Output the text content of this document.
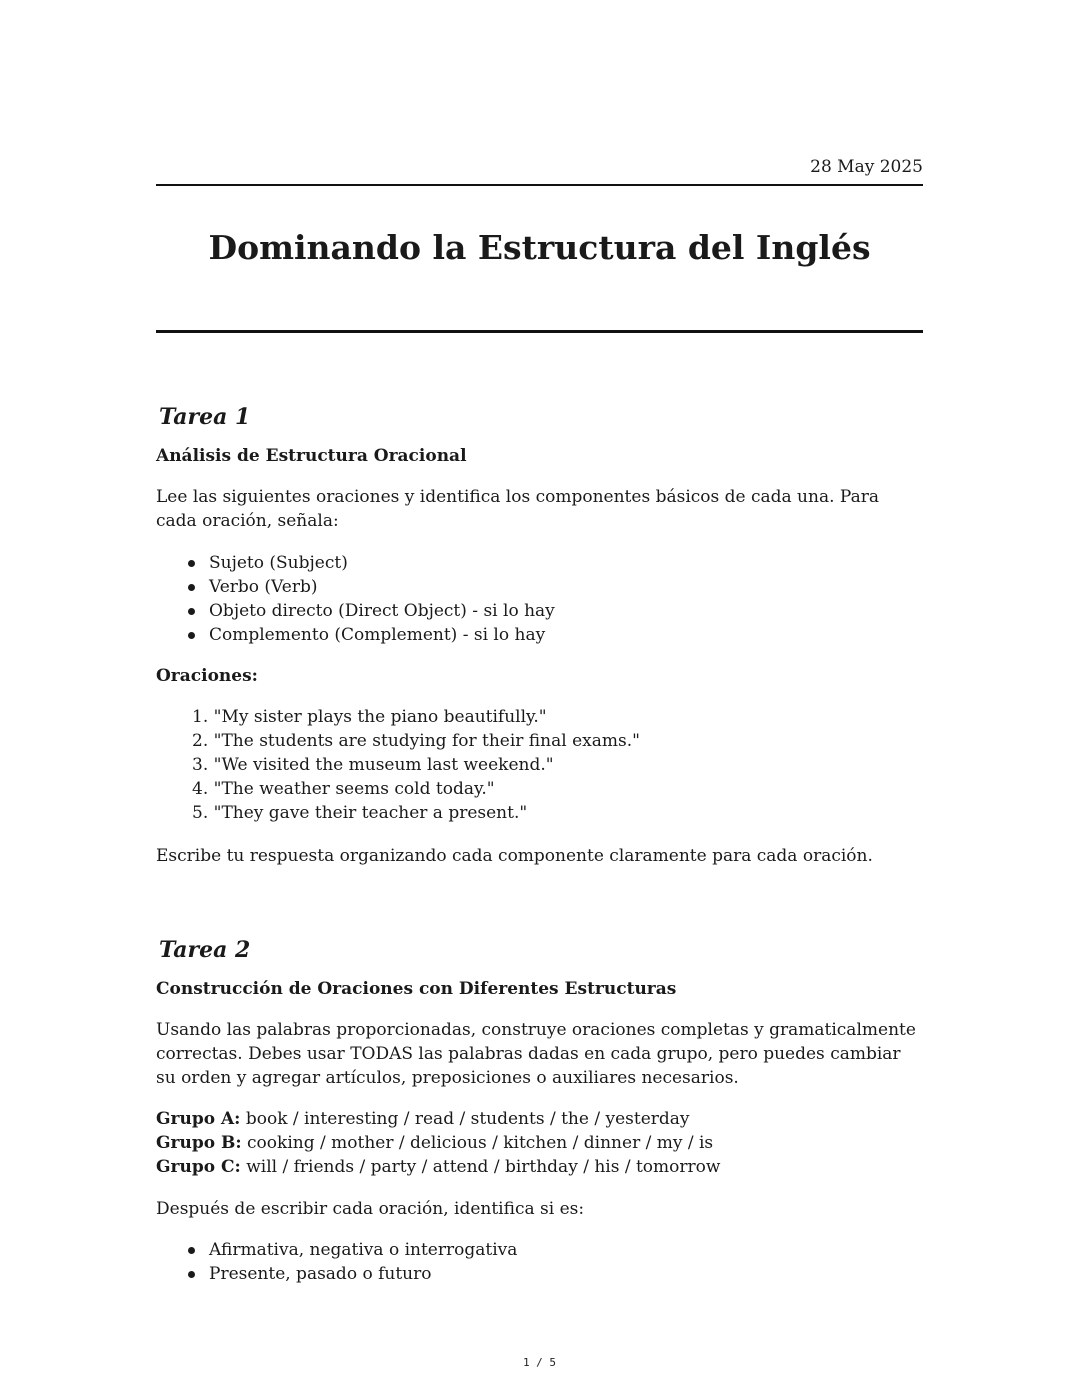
28 May 2025
Dominando la Estructura del Inglés
Tarea 1
Análisis de Estructura Oracional

Lee las siguientes oraciones y identifica los componentes básicos de cada una. Para cada oración, señala:

Sujeto (Subject)
Verbo (Verb)
Objeto directo (Direct Object) - si lo hay
Complemento (Complement) - si lo hay
Oraciones:
1. "My sister plays the piano beautifully."
2. "The students are studying for their final exams."
3. "We visited the museum last weekend."
4. "The weather seems cold today."
5. "They gave their teacher a present."

Escribe tu respuesta organizando cada componente claramente para cada oración.

Tarea 2
Construcción de Oraciones con Diferentes Estructuras

Usando las palabras proporcionadas, construye oraciones completas y gramaticalmente correctas. Debes usar TODAS las palabras dadas en cada grupo, pero puedes cambiar su orden y agregar artículos, preposiciones o auxiliares necesarios.

Grupo A: book / interesting / read / students / the / yesterday

Grupo B: cooking / mother / delicious / kitchen / dinner / my / is

Grupo C: will / friends / party / attend / birthday / his / tomorrow

Después de escribir cada oración, identifica si es:

Afirmativa, negativa o interrogativa
Presente, pasado o futuro
1 / 5
